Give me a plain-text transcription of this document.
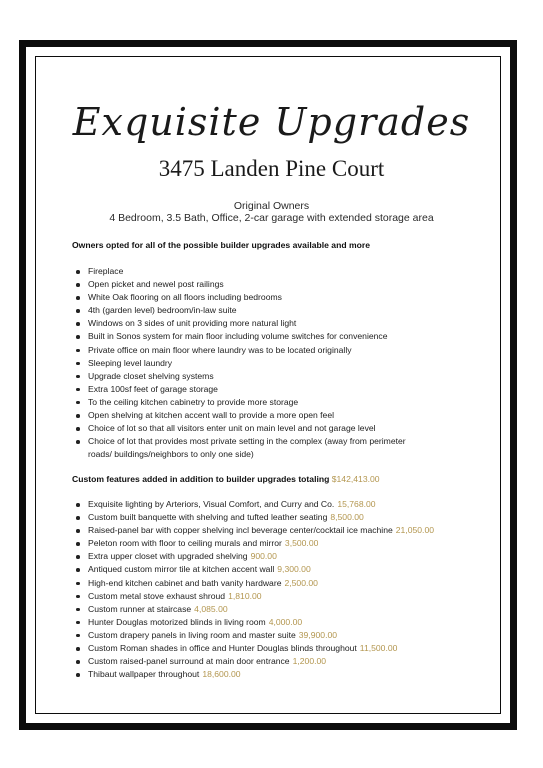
Exquisite Upgrades
3475 Landen Pine Court
Original Owners
4 Bedroom, 3.5 Bath, Office, 2-car garage with extended storage area
Owners opted for all of the possible builder upgrades available and more
Fireplace
Open picket and newel post railings
White Oak flooring on all floors including bedrooms
4th (garden level) bedroom/in-law suite
Windows on 3 sides of unit providing more natural light
Built in Sonos system for main floor including volume switches for convenience
Private office on main floor where laundry was to be located originally
Sleeping level laundry
Upgrade closet shelving systems
Extra 100sf feet of garage storage
To the ceiling kitchen cabinetry to provide more storage
Open shelving at kitchen accent wall to provide a more open feel
Choice of lot so that all visitors enter unit on main level and not garage level
Choice of lot that provides most private setting in the complex (away from perimeter
roads/ buildings/neighbors to only one side)
Custom features added in addition to builder upgrades totaling $142,413.00
Exquisite lighting by Arteriors, Visual Comfort, and Curry and Co. 15,768.00
Custom built banquette with shelving and tufted leather seating 8,500.00
Raised-panel bar with copper shelving incl beverage center/cocktail ice machine 21,050.00
Peleton room with floor to ceiling murals and mirror 3,500.00
Extra upper closet with upgraded shelving 900.00
Antiqued custom mirror tile at kitchen accent wall 9,300.00
High-end kitchen cabinet and bath vanity hardware 2,500.00
Custom metal stove exhaust shroud 1,810.00
Custom runner at staircase 4,085.00
Hunter Douglas motorized blinds in living room 4,000.00
Custom drapery panels in living room and master suite 39,900.00
Custom Roman shades in office and Hunter Douglas blinds throughout 11,500.00
Custom raised-panel surround at main door entrance 1,200.00
Thibaut wallpaper throughout 18,600.00
